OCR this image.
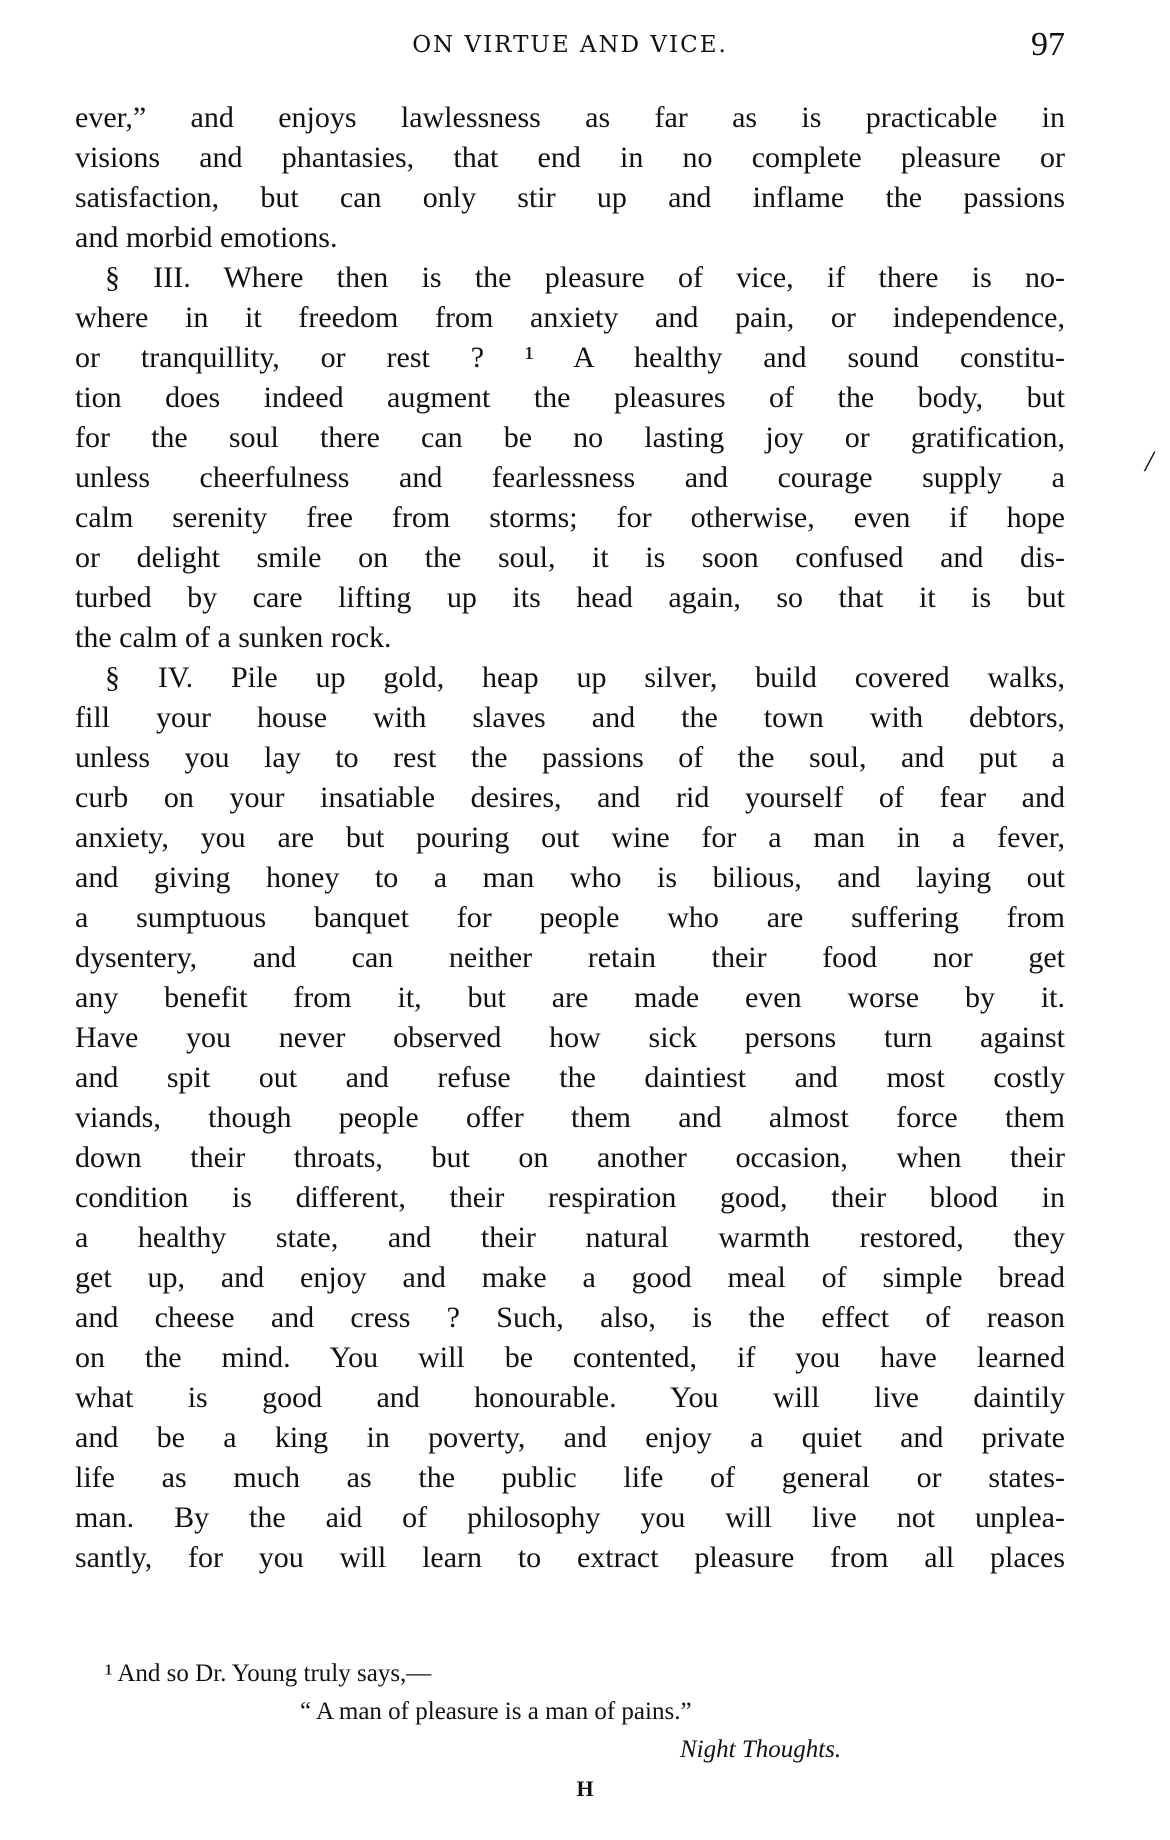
ON VIRTUE AND VICE.	97
ever,” and enjoys lawlessness as far as is practicable in
visions and phantasies, that end in no complete pleasure or
satisfaction, but can only stir up and inflame the passions
and morbid emotions.
§ III. Where then is the pleasure of vice, if there is no-
where in it freedom from anxiety and pain, or independence,
or tranquillity, or rest ? ¹ A healthy and sound constitu-
tion does indeed augment the pleasures of the body, but
for the soul there can be no lasting joy or gratification,
unless cheerfulness and fearlessness and courage supply a
calm serenity free from storms; for otherwise, even if hope
or delight smile on the soul, it is soon confused and dis-
turbed by care lifting up its head again, so that it is but
the calm of a sunken rock.
§ IV. Pile up gold, heap up silver, build covered walks,
fill your house with slaves and the town with debtors,
unless you lay to rest the passions of the soul, and put a
curb on your insatiable desires, and rid yourself of fear and
anxiety, you are but pouring out wine for a man in a fever,
and giving honey to a man who is bilious, and laying out
a sumptuous banquet for people who are suffering from
dysentery, and can neither retain their food nor get
any benefit from it, but are made even worse by it.
Have you never observed how sick persons turn against
and spit out and refuse the daintiest and most costly
viands, though people offer them and almost force them
down their throats, but on another occasion, when their
condition is different, their respiration good, their blood in
a healthy state, and their natural warmth restored, they
get up, and enjoy and make a good meal of simple bread
and cheese and cress ? Such, also, is the effect of reason
on the mind. You will be contented, if you have learned
what is good and honourable. You will live daintily
and be a king in poverty, and enjoy a quiet and private
life as much as the public life of general or states-
man. By the aid of philosophy you will live not unplea-
santly, for you will learn to extract pleasure from all places
¹ And so Dr. Young truly says,—
“ A man of pleasure is a man of pains.”
Night Thoughts.
H
/
